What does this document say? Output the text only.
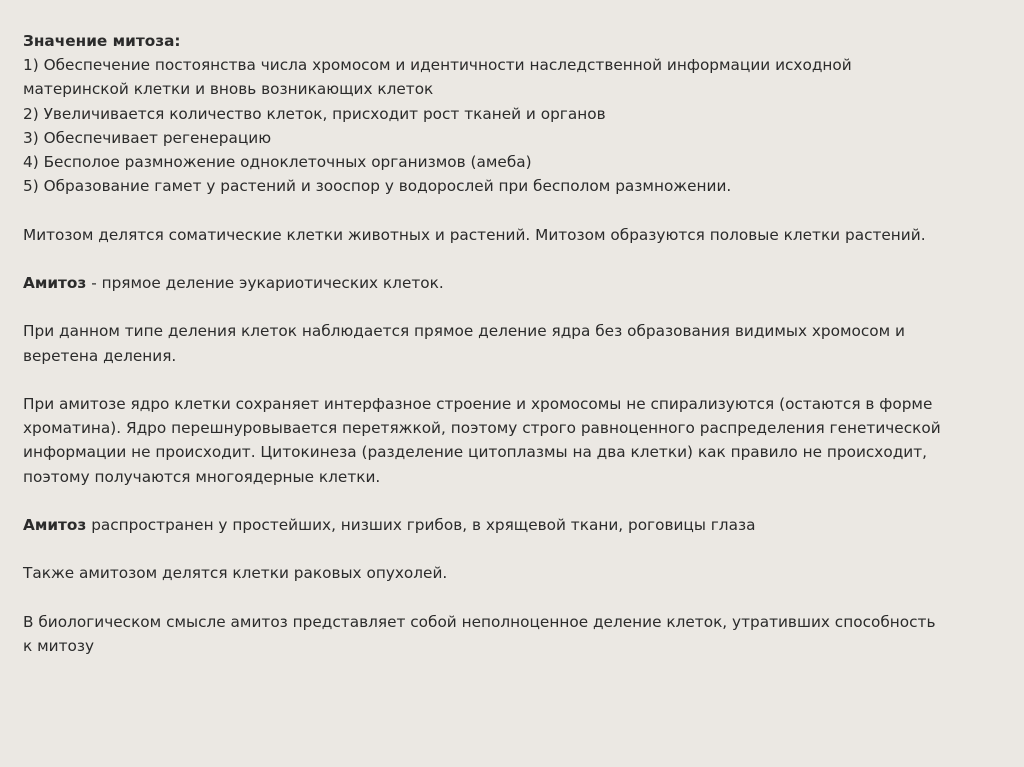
Значение митоза:
1) Обеспечение постоянства числа хромосом и идентичности наследственной информации исходной
материнской клетки и вновь возникающих клеток
2) Увеличивается количество клеток, присходит рост тканей и органов
3) Обеспечивает регенерацию
4) Бесполое размножение одноклеточных организмов (амеба)
5) Образование гамет у растений и зооспор у водорослей при бесполом размножении.
Митозом делятся соматические клетки животных и растений. Митозом образуются половые клетки растений.
Амитоз - прямое деление эукариотических клеток.
При данном типе деления клеток наблюдается прямое деление ядра без образования видимых хромосом и
веретена деления.
При амитозе ядро клетки сохраняет интерфазное строение и хромосомы не спирализуются (остаются в форме
хроматина). Ядро перешнуровывается перетяжкой, поэтому строго равноценного распределения генетической
информации не происходит. Цитокинеза (разделение цитоплазмы на два клетки) как правило не происходит,
поэтому получаются многоядерные клетки.
Амитоз распространен у простейших, низших грибов, в хрящевой ткани, роговицы глаза
Также амитозом делятся клетки раковых опухолей.
В биологическом смысле амитоз представляет собой неполноценное деление клеток, утративших способность
к митозу
